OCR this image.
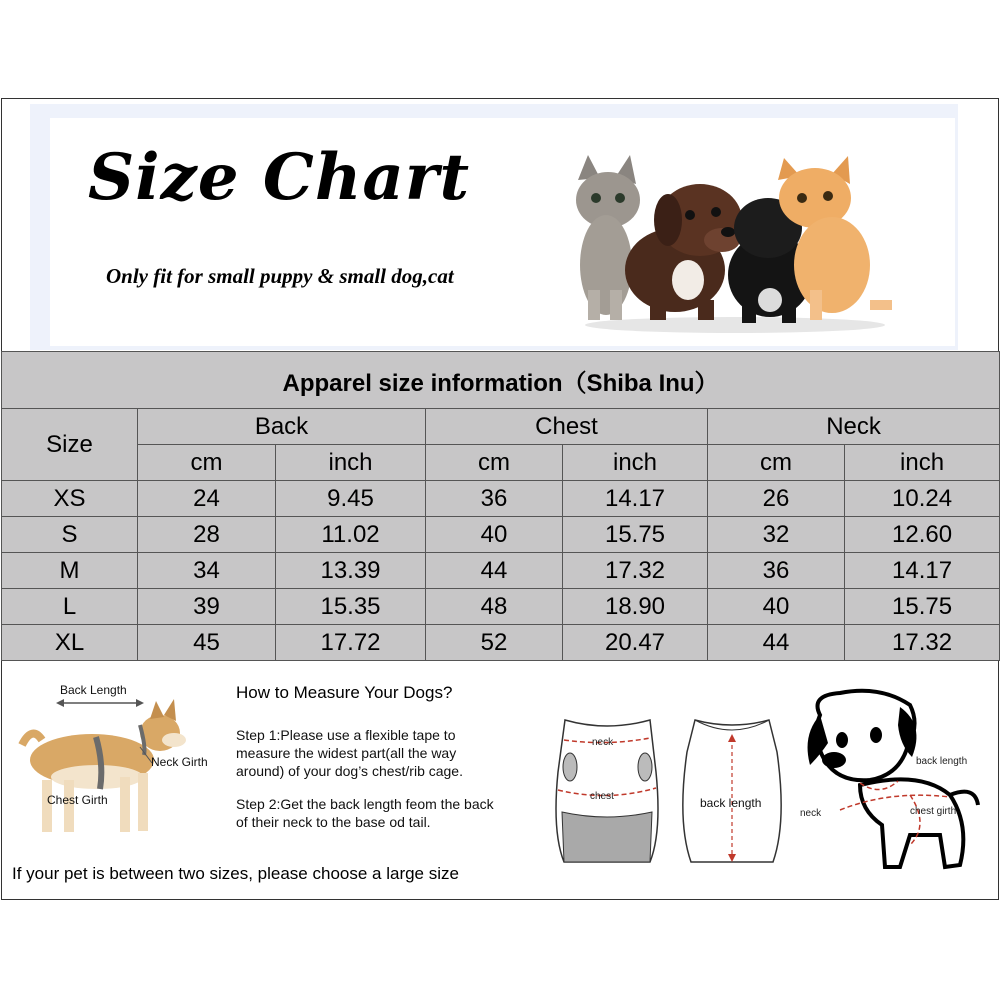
Size Chart
Only fit for small puppy & small dog,cat
Apparel size information（Shiba Inu）						
Size	Back		Chest		Neck	
	cm	inch	cm	inch	cm	inch
XS	24	9.45	36	14.17	26	10.24
S	28	11.02	40	15.75	32	12.60
M	34	13.39	44	17.32	36	14.17
L	39	15.35	48	18.90	40	15.75
XL	45	17.72	52	20.47	44	17.32
Back Length
Neck Girth
Chest Girth
How to Measure Your Dogs?
Step 1:Please use a flexible tape to measure the widest part(all the way around) of your dog’s chest/rib cage.
Step 2:Get the back length feom the back of their neck to the base od tail.
If your pet is between two sizes, please choose a large size
neck
chest	back length
back length
chest girth
neck
